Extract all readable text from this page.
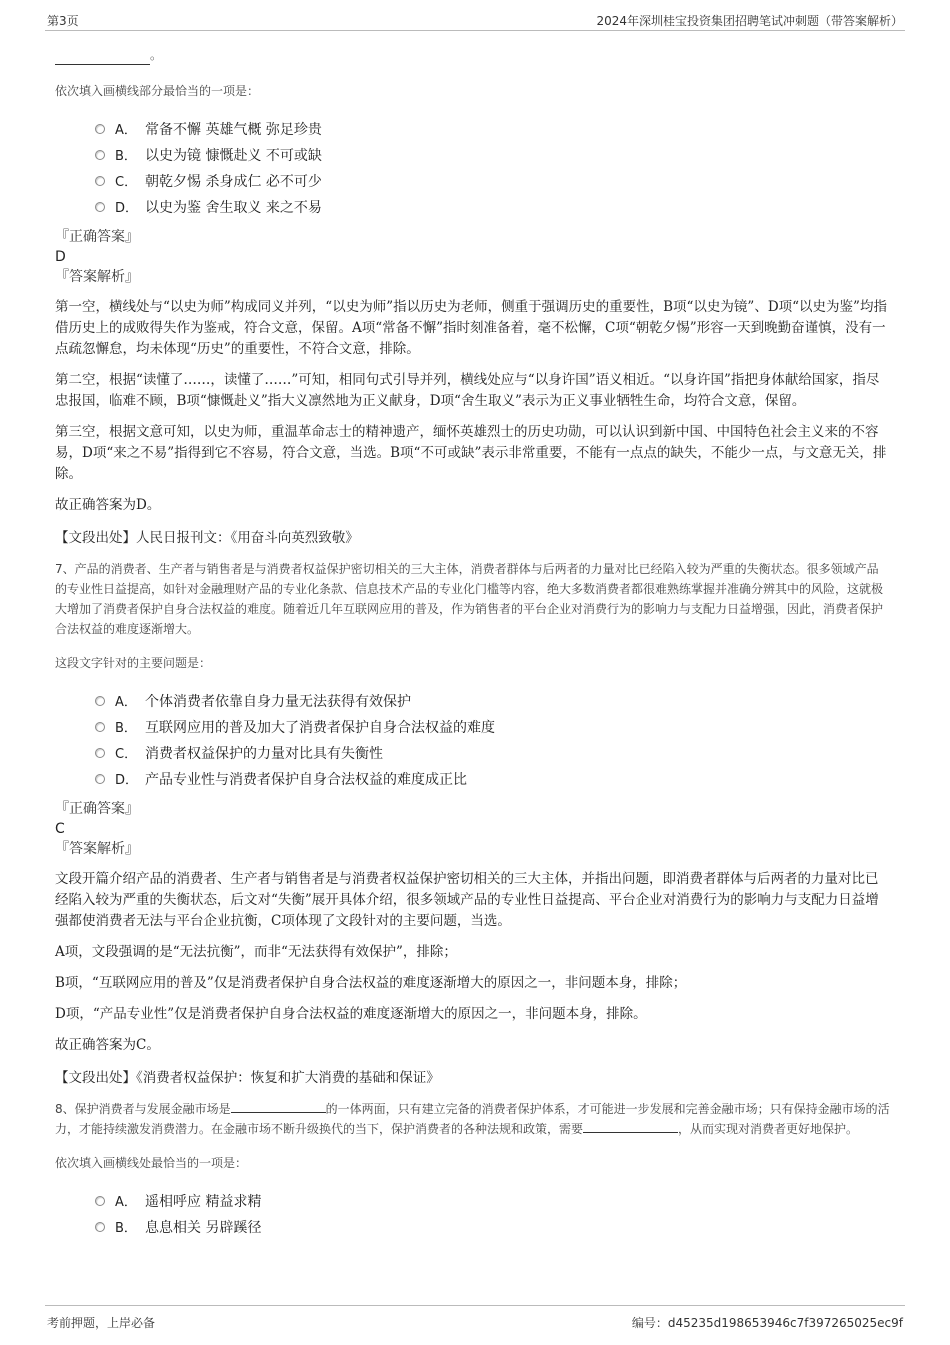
第3页	2024年深圳桂宝投资集团招聘笔试冲刺题（带答案解析）
。

依次填入画横线部分最恰当的一项是：

A． 常备不懈 英雄气概 弥足珍贵
B． 以史为镜 慷慨赴义 不可或缺
C． 朝乾夕惕 杀身成仁 必不可少
D． 以史为鉴 舍生取义 来之不易
『正确答案』
D
『答案解析』

第一空，横线处与“以史为师”构成同义并列，“以史为师”指以历史为老师，侧重于强调历史的重要性，B项“以史为镜”、D项“以史为鉴”均指借历史上的成败得失作为鉴戒，符合文意，保留。A项“常备不懈”指时刻准备着，毫不松懈，C项“朝乾夕惕”形容一天到晚勤奋谨慎，没有一点疏忽懈怠，均未体现“历史”的重要性，不符合文意，排除。

第二空，根据“读懂了……，读懂了……”可知，相同句式引导并列，横线处应与“以身许国”语义相近。“以身许国”指把身体献给国家，指尽忠报国，临难不顾，B项“慷慨赴义”指大义凛然地为正义献身，D项“舍生取义”表示为正义事业牺牲生命，均符合文意，保留。

第三空，根据文意可知，以史为师，重温革命志士的精神遗产，缅怀英雄烈士的历史功勋，可以认识到新中国、中国特色社会主义来的不容易，D项“来之不易”指得到它不容易，符合文意，当选。B项“不可或缺”表示非常重要，不能有一点点的缺失，不能少一点，与文意无关，排除。

故正确答案为D。

【文段出处】人民日报刊文：《用奋斗向英烈致敬》

7、产品的消费者、生产者与销售者是与消费者权益保护密切相关的三大主体，消费者群体与后两者的力量对比已经陷入较为严重的失衡状态。很多领域产品的专业性日益提高，如针对金融理财产品的专业化条款、信息技术产品的专业化门槛等内容，绝大多数消费者都很难熟练掌握并准确分辨其中的风险，这就极大增加了消费者保护自身合法权益的难度。随着近几年互联网应用的普及，作为销售者的平台企业对消费行为的影响力与支配力日益增强，因此，消费者保护合法权益的难度逐渐增大。

这段文字针对的主要问题是：

A． 个体消费者依靠自身力量无法获得有效保护
B． 互联网应用的普及加大了消费者保护自身合法权益的难度
C． 消费者权益保护的力量对比具有失衡性
D． 产品专业性与消费者保护自身合法权益的难度成正比
『正确答案』
C
『答案解析』

文段开篇介绍产品的消费者、生产者与销售者是与消费者权益保护密切相关的三大主体，并指出问题，即消费者群体与后两者的力量对比已经陷入较为严重的失衡状态，后文对“失衡”展开具体介绍，很多领域产品的专业性日益提高、平台企业对消费行为的影响力与支配力日益增强都使消费者无法与平台企业抗衡，C项体现了文段针对的主要问题，当选。

A项，文段强调的是“无法抗衡”，而非“无法获得有效保护”，排除；

B项，“互联网应用的普及”仅是消费者保护自身合法权益的难度逐渐增大的原因之一，非问题本身，排除；

D项，“产品专业性”仅是消费者保护自身合法权益的难度逐渐增大的原因之一，非问题本身，排除。

故正确答案为C。

【文段出处】《消费者权益保护：恢复和扩大消费的基础和保证》

8、保护消费者与发展金融市场是	的一体两面，只有建立完备的消费者保护体系，才可能进一步发展和完善金融市场；只有保持金融市场的活力，才能持续激发消费潜力。在金融市场不断升级换代的当下，保护消费者的各种法规和政策，需要	，从而实现对消费者更好地保护。

依次填入画横线处最恰当的一项是：

A． 遥相呼应 精益求精
B． 息息相关 另辟蹊径
考前押题，上岸必备	编号：d45235d198653946c7f397265025ec9f
